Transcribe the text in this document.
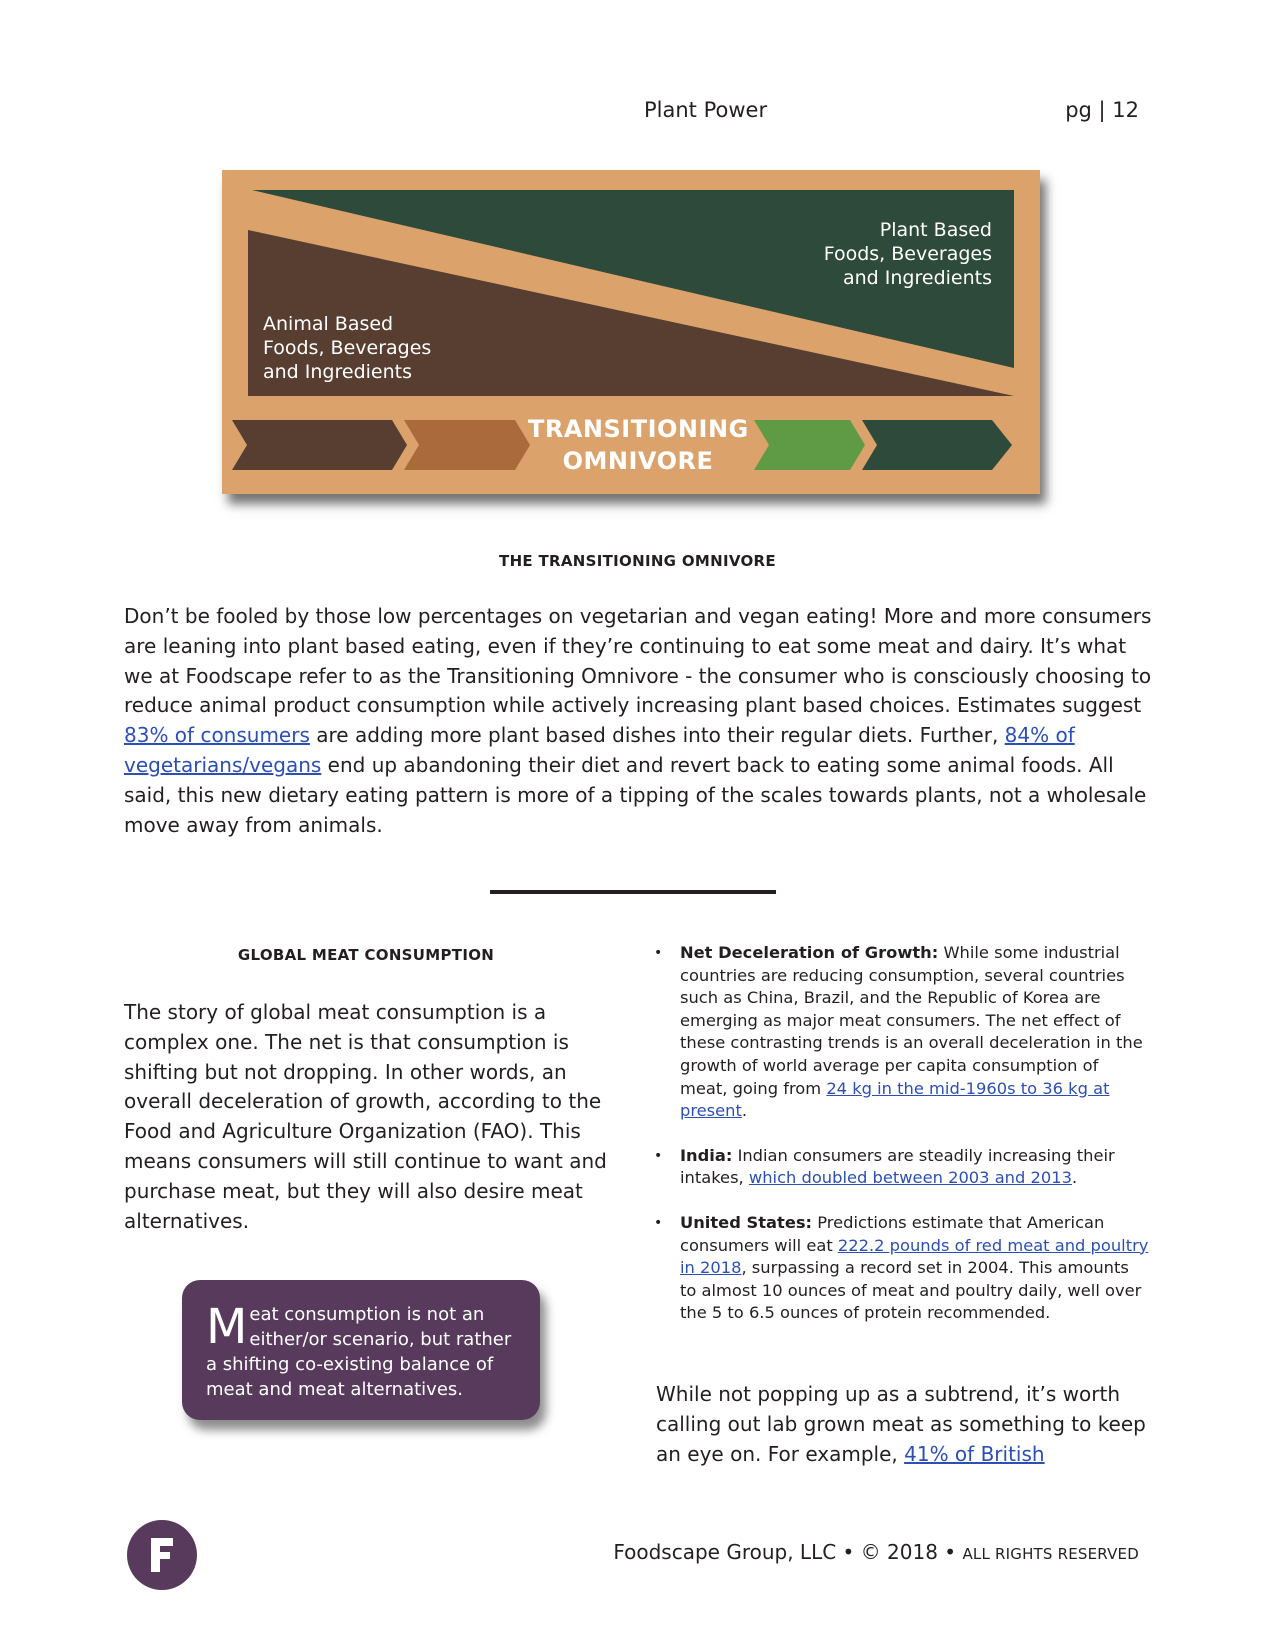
Plant Power	pg | 12
Plant Based
Foods, Beverages
and Ingredients
Animal Based
Foods, Beverages
and Ingredients
TRANSITIONING
OMNIVORE
THE TRANSITIONING OMNIVORE

Don’t be fooled by those low percentages on vegetarian and vegan eating! More and more consumers are leaning into plant based eating, even if they’re continuing to eat some meat and dairy. It’s what we at Foodscape refer to as the Transitioning Omnivore - the consumer who is consciously choosing to reduce animal product consumption while actively increasing plant based choices. Estimates suggest 83% of consumers are adding more plant based dishes into their regular diets. Further, 84% of vegetarians/vegans end up abandoning their diet and revert back to eating some animal foods. All said, this new dietary eating pattern is more of a tipping of the scales towards plants, not a wholesale move away from animals.

GLOBAL MEAT CONSUMPTION

The story of global meat consumption is a complex one. The net is that consumption is shifting but not dropping. In other words, an overall deceleration of growth, according to the Food and Agriculture Organization (FAO). This means consumers will still continue to want and purchase meat, but they will also desire meat alternatives.

Meat consumption is not an either/or scenario, but rather a shifting co-existing balance of meat and meat alternatives.
• Net Deceleration of Growth: While some industrial countries are reducing consumption, several countries such as China, Brazil, and the Republic of Korea are emerging as major meat consumers. The net effect of these contrasting trends is an overall deceleration in the growth of world average per capita consumption of meat, going from 24 kg in the mid-1960s to 36 kg at present.
• India: Indian consumers are steadily increasing their intakes, which doubled between 2003 and 2013.
• United States: Predictions estimate that American consumers will eat 222.2 pounds of red meat and poultry in 2018, surpassing a record set in 2004. This amounts to almost 10 ounces of meat and poultry daily, well over the 5 to 6.5 ounces of protein recommended.

While not popping up as a subtrend, it’s worth calling out lab grown meat as something to keep an eye on. For example, 41% of British

Foodscape Group, LLC • © 2018 • ALL RIGHTS RESERVED
